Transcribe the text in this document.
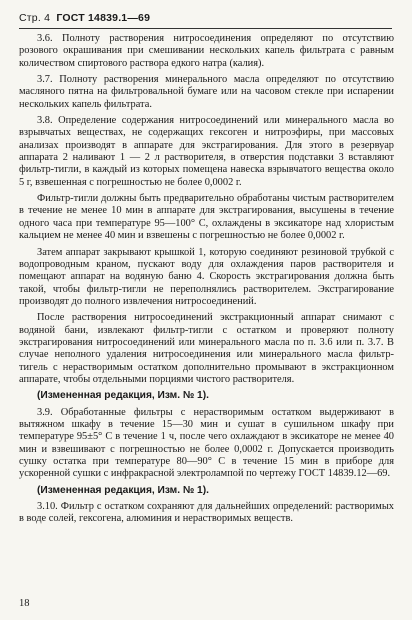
Стр. 4 ГОСТ 14839.1—69

3.6. Полноту растворения нитросоединения определяют по отсутствию розового окрашивания при смешивании нескольких капель фильтрата с равным количеством спиртового раствора едкого натра (калия).

3.7. Полноту растворения минерального масла определяют по отсутствию масляного пятна на фильтровальной бумаге или на часовом стекле при испарении нескольких капель фильтрата.

3.8. Определение содержания нитросоединений или минерального масла во взрывчатых веществах, не содержащих гексоген и нитроэфиры, при массовых анализах производят в аппарате для экстрагирования. Для этого в резервуар аппарата 2 наливают 1 — 2 л растворителя, в отверстия подставки 3 вставляют фильтр-тигли, в каждый из которых помещена навеска взрывчатого вещества около 5 г, взвешенная с погрешностью не более 0,0002 г.

Фильтр-тигли должны быть предварительно обработаны чистым растворителем в течение не менее 10 мин в аппарате для экстрагирования, высушены в течение одного часа при температуре 95—100° С, охлаждены в эксикаторе над хлористым кальцием не менее 40 мин и взвешены с погрешностью не более 0,0002 г.

Затем аппарат закрывают крышкой 1, которую соединяют резиновой трубкой с водопроводным краном, пускают воду для охлаждения паров растворителя и помещают аппарат на водяную баню 4. Скорость экстрагирования должна быть такой, чтобы фильтр-тигли не переполнялись растворителем. Экстрагирование производят до полного извлечения нитросоединений.

После растворения нитросоединений экстракционный аппарат снимают с водяной бани, извлекают фильтр-тигли с остатком и проверяют полноту экстрагирования нитросоединений или минерального масла по п. 3.6 или п. 3.7. В случае неполного удаления нитросоединения или минерального масла фильтр-тигель с нерастворимым остатком дополнительно промывают в экстракционном аппарате, чтобы отдельными порциями чистого растворителя.

(Измененная редакция, Изм. № 1).

3.9. Обработанные фильтры с нерастворимым остатком выдерживают в вытяжном шкафу в течение 15—30 мин и сушат в сушильном шкафу при температуре 95±5° С в течение 1 ч, после чего охлаждают в эксикаторе не менее 40 мин и взвешивают с погрешностью не более 0,0002 г. Допускается производить сушку остатка при температуре 80—90° С в течение 15 мин в приборе для ускоренной сушки с инфракрасной электролампой по чертежу ГОСТ 14839.12—69.

(Измененная редакция, Изм. № 1).

3.10. Фильтр с остатком сохраняют для дальнейших определений: растворимых в воде солей, гексогена, алюминия и нерастворимых веществ.

18
